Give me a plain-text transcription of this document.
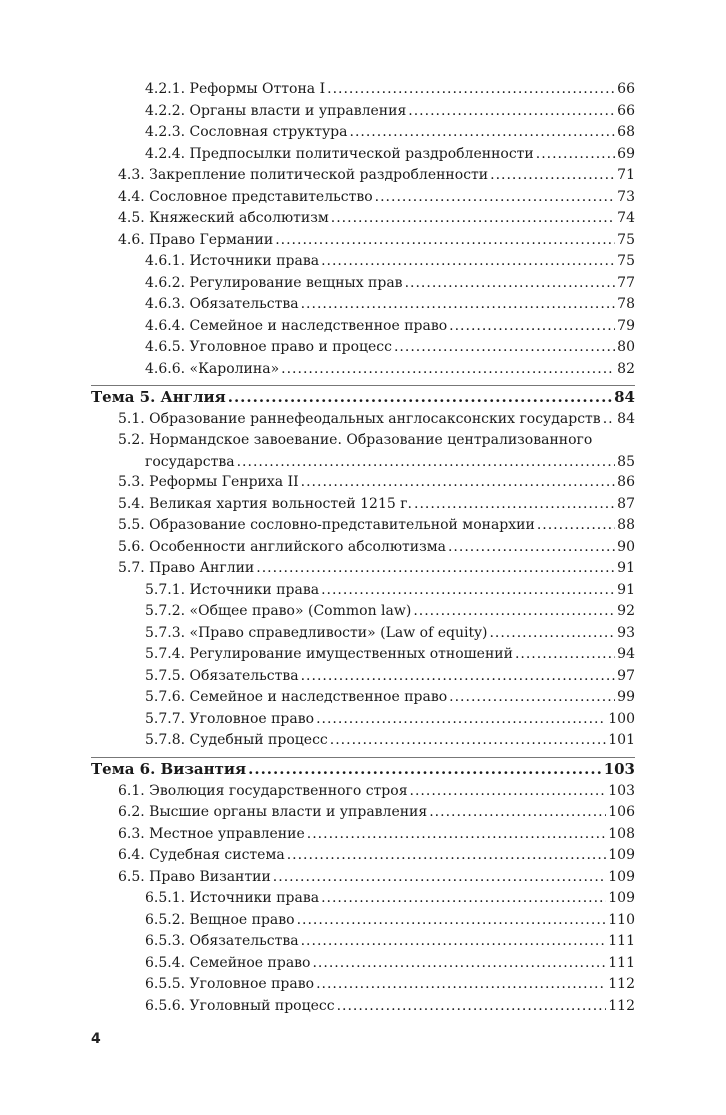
4.2.1. Реформы Оттона I .....	66
4.2.2. Органы власти и управления .....	66
4.2.3. Сословная структура .....	68
4.2.4. Предпосылки политической раздробленности .....	69
4.3. Закрепление политической раздробленности .....	71
4.4. Сословное представительство .....	73
4.5. Княжеский абсолютизм .....	74
4.6. Право Германии .....	75
4.6.1. Источники права .....	75
4.6.2. Регулирование вещных прав .....	77
4.6.3. Обязательства .....	78
4.6.4. Семейное и наследственное право .....	79
4.6.5. Уголовное право и процесс .....	80
4.6.6. «Каролина» .....	82
Тема 5. Англия .....	84
5.1. Образование раннефеодальных англосаксонских государств ..... 84
5.2. Нормандское завоевание. Образование централизованного
государства .....	85
5.3. Реформы Генриха II .....	86
5.4. Великая хартия вольностей 1215 г. .....	87
5.5. Образование сословно-представительной монархии .....	88
5.6. Особенности английского абсолютизма .....	90
5.7. Право Англии .....	91
5.7.1. Источники права .....	91
5.7.2. «Общее право» (Common law) .....	92
5.7.3. «Право справедливости» (Law of equity) .....	93
5.7.4. Регулирование имущественных отношений .....	94
5.7.5. Обязательства .....	97
5.7.6. Семейное и наследственное право .....	99
5.7.7. Уголовное право .....	100
5.7.8. Судебный процесс .....	101
Тема 6. Византия .....	103
6.1. Эволюция государственного строя .....	103
6.2. Высшие органы власти и управления .....	106
6.3. Местное управление .....	108
6.4. Судебная система .....	109
6.5. Право Византии .....	109
6.5.1. Источники права .....	109
6.5.2. Вещное право .....	110
6.5.3. Обязательства .....	111
6.5.4. Семейное право .....	111
6.5.5. Уголовное право .....	112
6.5.6. Уголовный процесс .....	112
4
